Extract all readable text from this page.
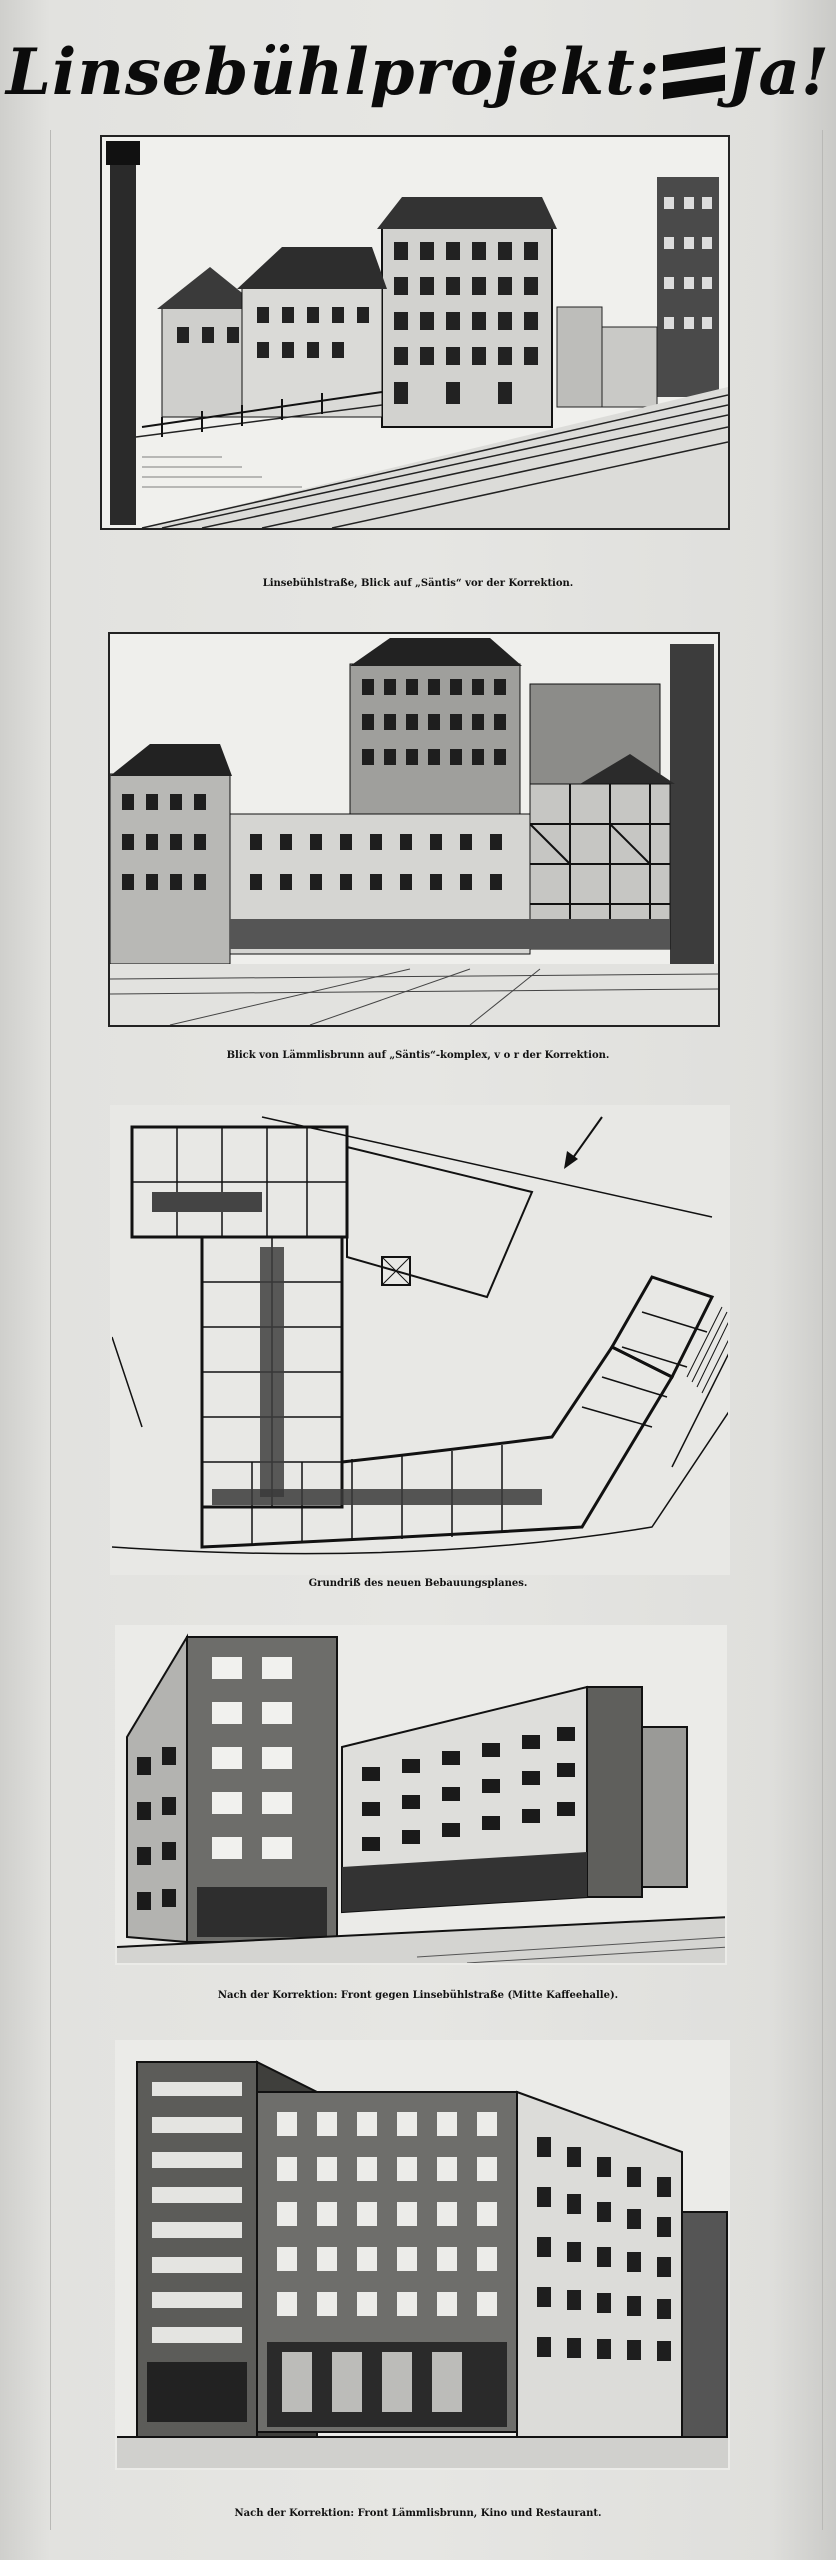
Linsebühlprojekt: Ja!
Linsebühlstraße, Blick auf „Säntis“ vor der Korrektion.
Blick von Lämmlisbrunn auf „Säntis“-komplex, v o r der Korrektion.
Grundriß des neuen Bebauungsplanes.
Nach der Korrektion: Front gegen Linsebühlstraße (Mitte Kaffeehalle).
Nach der Korrektion: Front Lämmlisbrunn, Kino und Restaurant.
